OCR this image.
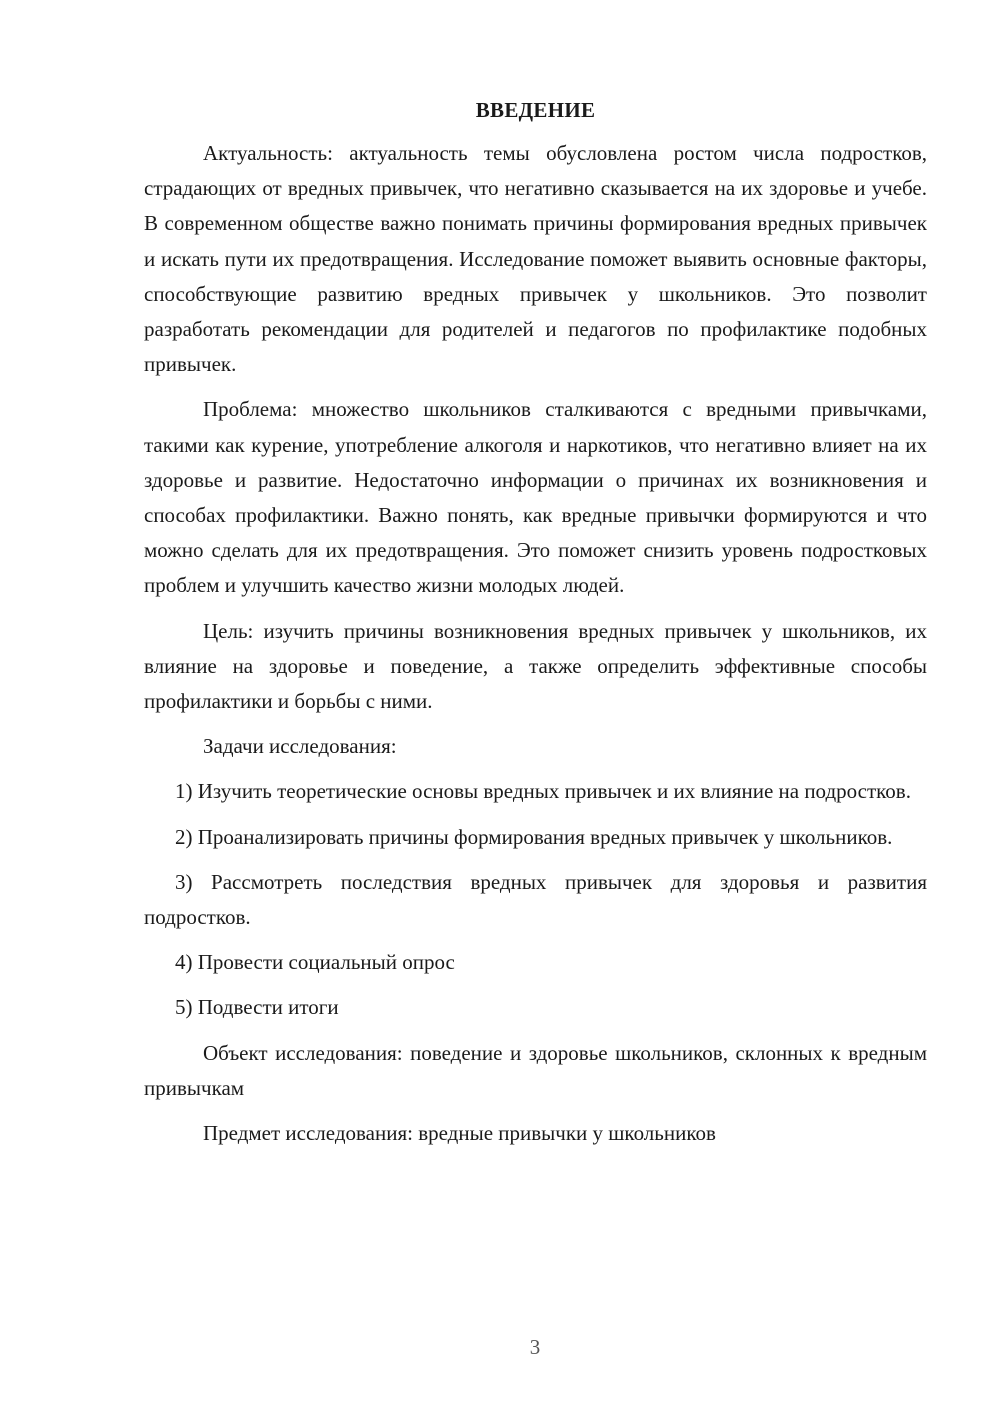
ВВЕДЕНИЕ

Актуальность: актуальность темы обусловлена ростом числа подростков, страдающих от вредных привычек, что негативно сказывается на их здоровье и учебе. В современном обществе важно понимать причины формирования вредных привычек и искать пути их предотвращения. Исследование поможет выявить основные факторы, способствующие развитию вредных привычек у школьников. Это позволит разработать рекомендации для родителей и педагогов по профилактике подобных привычек.

Проблема: множество школьников сталкиваются с вредными привычками, такими как курение, употребление алкоголя и наркотиков, что негативно влияет на их здоровье и развитие. Недостаточно информации о причинах их возникновения и способах профилактики. Важно понять, как вредные привычки формируются и что можно сделать для их предотвращения. Это поможет снизить уровень подростковых проблем и улучшить качество жизни молодых людей.

Цель: изучить причины возникновения вредных привычек у школьников, их влияние на здоровье и поведение, а также определить эффективные способы профилактики и борьбы с ними.

Задачи исследования:

1) Изучить теоретические основы вредных привычек и их влияние на подростков.

2) Проанализировать причины формирования вредных привычек у школьников.

3) Рассмотреть последствия вредных привычек для здоровья и развития подростков.

4) Провести социальный опрос

5) Подвести итоги

Объект исследования: поведение и здоровье школьников, склонных к вредным привычкам

Предмет исследования: вредные привычки у школьников

3
